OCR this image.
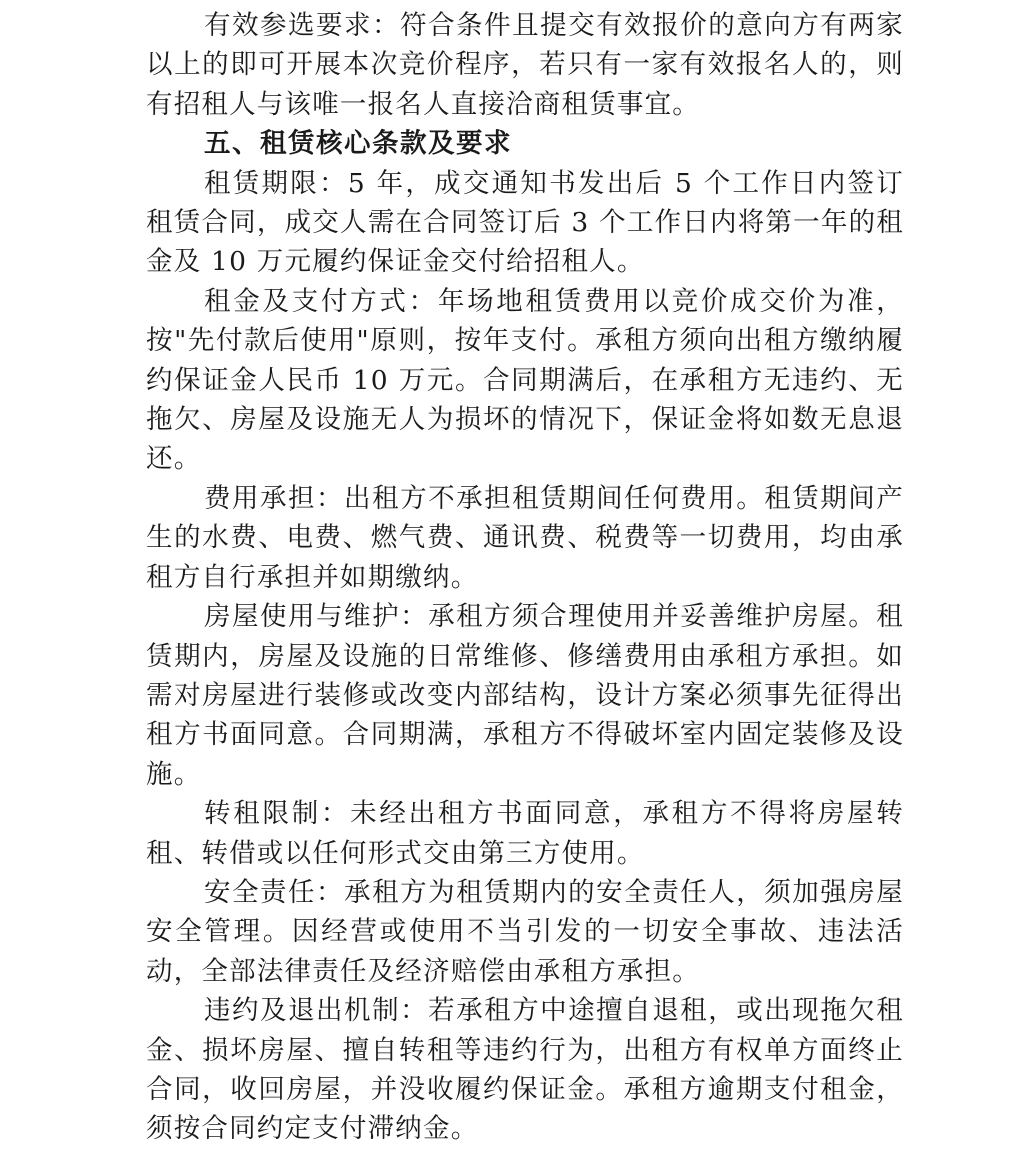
有效参选要求：符合条件且提交有效报价的意向方有两家以上的即可开展本次竞价程序，若只有一家有效报名人的，则有招租人与该唯一报名人直接洽商租赁事宜。

五、租赁核心条款及要求

租赁期限：5 年，成交通知书发出后 5 个工作日内签订租赁合同，成交人需在合同签订后 3 个工作日内将第一年的租金及 10 万元履约保证金交付给招租人。

租金及支付方式：年场地租赁费用以竞价成交价为准，按"先付款后使用"原则，按年支付。承租方须向出租方缴纳履约保证金人民币 10 万元。合同期满后，在承租方无违约、无拖欠、房屋及设施无人为损坏的情况下，保证金将如数无息退还。

费用承担：出租方不承担租赁期间任何费用。租赁期间产生的水费、电费、燃气费、通讯费、税费等一切费用，均由承租方自行承担并如期缴纳。

房屋使用与维护：承租方须合理使用并妥善维护房屋。租赁期内，房屋及设施的日常维修、修缮费用由承租方承担。如需对房屋进行装修或改变内部结构，设计方案必须事先征得出租方书面同意。合同期满，承租方不得破坏室内固定装修及设施。

转租限制：未经出租方书面同意，承租方不得将房屋转租、转借或以任何形式交由第三方使用。

安全责任：承租方为租赁期内的安全责任人，须加强房屋安全管理。因经营或使用不当引发的一切安全事故、违法活动，全部法律责任及经济赔偿由承租方承担。

违约及退出机制：若承租方中途擅自退租，或出现拖欠租金、损坏房屋、擅自转租等违约行为，出租方有权单方面终止合同，收回房屋，并没收履约保证金。承租方逾期支付租金，须按合同约定支付滞纳金。
